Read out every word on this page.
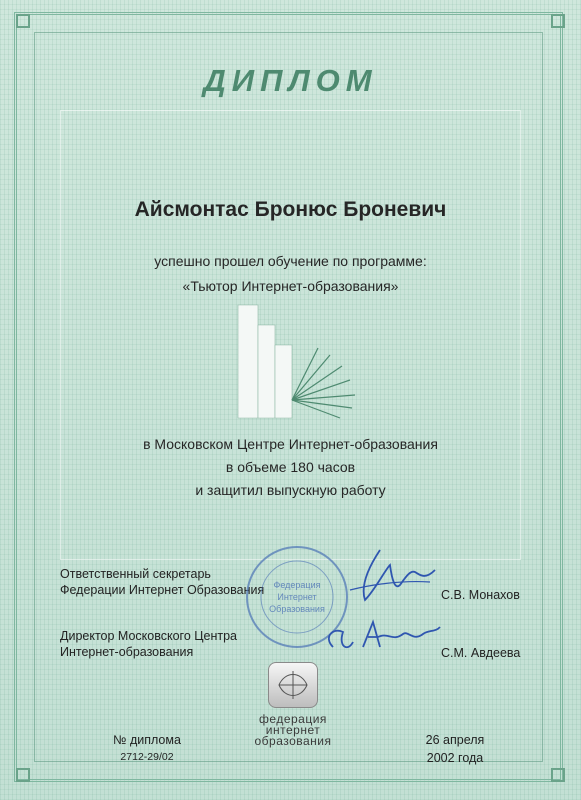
ДИПЛОМ
Айсмонтас Бронюс Броневич
успешно прошел обучение по программе:
«Тьютор Интернет-образования»
в Московском Центре Интернет-образования
в объеме 180 часов
и защитил выпускную работу
Ответственный секретарь
Федерации Интернет Образования	С.В. Монахов
Директор Московского Центра
Интернет-образования	С.М. Авдеева
Федерация
Интернет
Образования
федерация
интернет
образования
№ диплома
2712-29/02
26 апреля
2002 года
